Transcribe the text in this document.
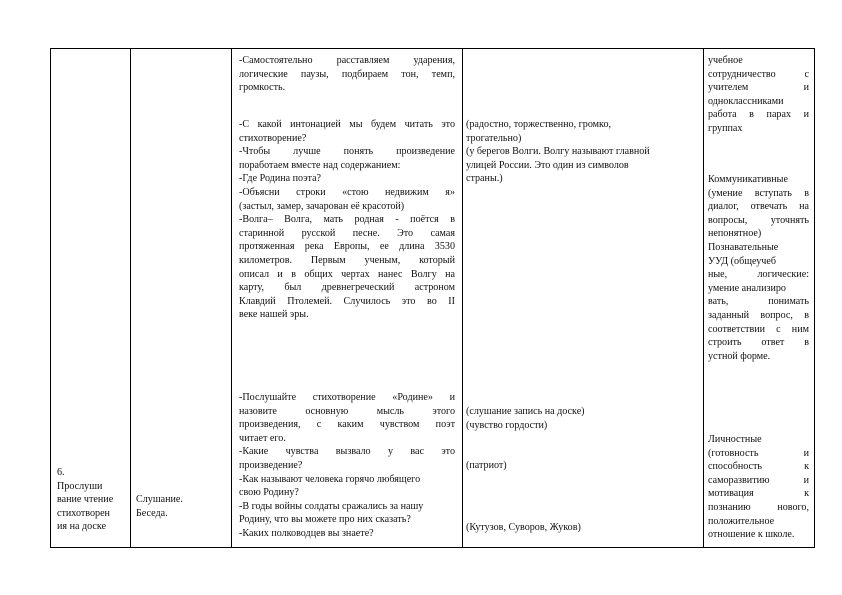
6.

Прослуши

вание чтение

стихотворен

ия на доске

Слушание.

Беседа.

-Самостоятельно расставляем ударения,

логические паузы, подбираем тон, темп,

громкость.

-С какой интонацией мы будем читать это

стихотворение?

-Чтобы лучше понять произведение

поработаем вместе над содержанием:

-Где Родина поэта?

-Объясни строки «стою недвижим я»

(застыл, замер, зачарован её красотой)

-Волга– Волга, мать родная - поётся в

старинной русской песне. Это самая

протяженная река Европы, ее длина 3530

километров. Первым ученым, который

описал и в общих чертах нанес Волгу на

карту, был древнегреческий астроном

Клавдий Птолемей. Случилось это во II

веке нашей эры.

-Послушайте стихотворение «Родине» и

назовите основную мысль этого

произведения, с каким чувством поэт

читает его.

-Какие чувства вызвало у вас это

произведение?

-Как называют человека горячо любящего

свою Родину?

-В годы войны солдаты сражались за нашу

Родину, что вы можете про них сказать?

-Каких полководцев вы знаете?

(радостно, торжественно, громко,

трогательно)

(у берегов Волги. Волгу называют главной

улицей России. Это один из символов

страны.)

(слушание запись на доске)

(чувство гордости)

(патриот)

(Кутузов, Суворов, Жуков)

учебное

сотрудничество с

учителем и

одноклассниками

работа в парах и

группах

Коммуникативные

(умение вступать в

диалог, отвечать на

вопросы, уточнять

непонятное)

Познавательные

УУД (общеучеб

ные, логические:

умение анализиро

вать, понимать

заданный вопрос, в

соответствии с ним

строить ответ в

устной форме.

Личностные

(готовность и

способность к

саморазвитию и

мотивация к

познанию нового,

положительное

отношение к школе.
